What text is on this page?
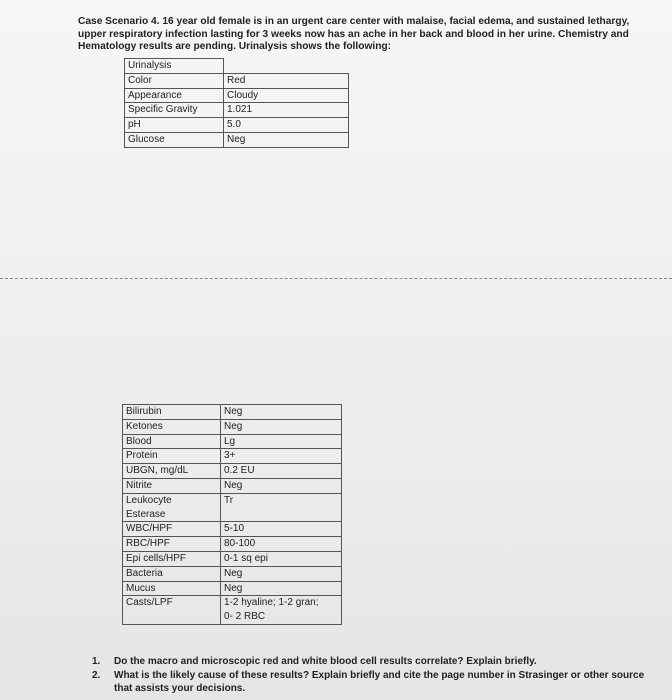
Case Scenario 4. 16 year old female is in an urgent care center with malaise, facial edema, and sustained lethargy, upper respiratory infection lasting for 3 weeks now has an ache in her back and blood in her urine. Chemistry and Hematology results are pending. Urinalysis shows the following:
Urinalysis	
Color	Red
Appearance	Cloudy
Specific Gravity	1.021
pH	5.0
Glucose	Neg
Bilirubin	Neg
Ketones	Neg
Blood	Lg
Protein	3+
UBGN, mg/dL	0.2 EU
Nitrite	Neg
Leukocyte	Tr
Esterase	
WBC/HPF	5-10
RBC/HPF	80-100
Epi cells/HPF	0-1 sq epi
Bacteria	Neg
Mucus	Neg
Casts/LPF	1-2 hyaline; 1-2 gran;
	0- 2 RBC
1.	Do the macro and microscopic red and white blood cell results correlate? Explain briefly.
2.	What is the likely cause of these results? Explain briefly and cite the page number in Strasinger or other source that assists your decisions.
